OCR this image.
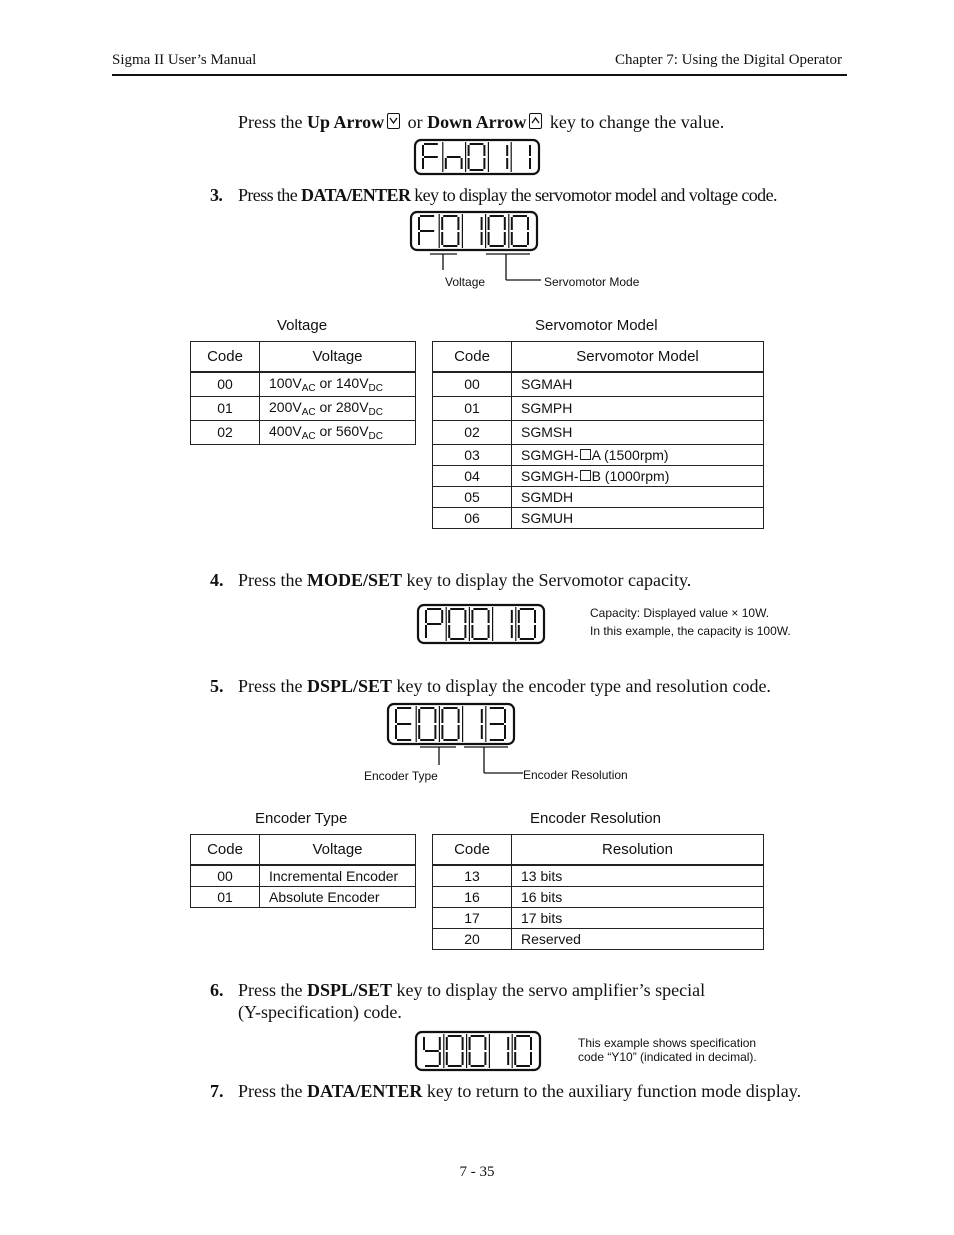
Sigma II User’s Manual	Chapter 7: Using the Digital Operator
Press the Up Arrow
or Down Arrow
key to change the value.
3. Press the DATA/ENTER key to display the servomotor model and voltage code.
Voltage	Servomotor Mode
Voltage
Code	Voltage
00	$100V_{AC}$ or $140V_{DC}$
01	$200V_{AC}$ or $280V_{DC}$
02	$400V_{AC}$ or $560V_{DC}$
Servomotor Model
Code	Servomotor Model
00	SGMAH
01	SGMPH
02	SGMSH
03	SGMGH- A (1500rpm)
04	SGMGH- B (1000rpm)
05	SGMDH
06	SGMUH
4. Press the MODE/SET key to display the Servomotor capacity.
Capacity: Displayed value × 10W.
In this example, the capacity is 100W.
5. Press the DSPL/SET key to display the encoder type and resolution code.
Encoder Type	Encoder Resolution
Encoder Type
Code	Voltage
00	Incremental Encoder
01	Absolute Encoder
Encoder Resolution
Code	Resolution
13	13 bits
16	16 bits
17	17 bits
20	Reserved
6. Press the DSPL/SET key to display the servo amplifier’s special
(Y-specification) code.
This example shows specification
code “Y10” (indicated in decimal).
7. Press the DATA/ENTER key to return to the auxiliary function mode display.
7 - 35
